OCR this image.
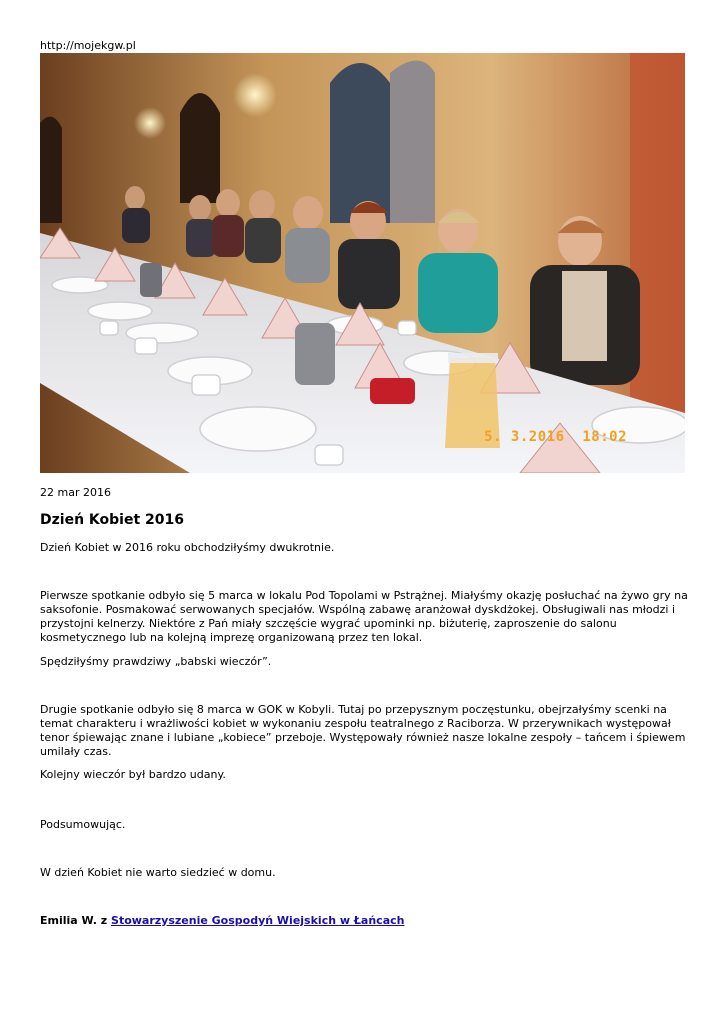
http://mojekgw.pl
5. 3.2016  18:02
22 mar 2016
Dzień Kobiet 2016

Dzień Kobiet w 2016 roku obchodziłyśmy dwukrotnie.

Pierwsze spotkanie odbyło się 5 marca w lokalu Pod Topolami w Pstrążnej. Miałyśmy okazję posłuchać na żywo gry na saksofonie. Posmakować serwowanych specjałów. Wspólną zabawę aranżował dyskdżokej. Obsługiwali nas młodzi i przystojni kelnerzy. Niektóre z Pań miały szczęście wygrać upominki np. biżuterię, zaproszenie do salonu kosmetycznego lub na kolejną imprezę organizowaną przez ten lokal.

Spędziłyśmy prawdziwy „babski wieczór”.

Drugie spotkanie odbyło się 8 marca w GOK w Kobyli. Tutaj po przepysznym poczęstunku, obejrzałyśmy scenki na temat charakteru i wrażliwości kobiet w wykonaniu zespołu teatralnego z Raciborza. W przerywnikach występował tenor śpiewając znane i lubiane „kobiece” przeboje. Występowały również nasze lokalne zespoły – tańcem i śpiewem umilały czas.

Kolejny wieczór był bardzo udany.

Podsumowując.

W dzień Kobiet nie warto siedzieć w domu.

Emilia W. z Stowarzyszenie Gospodyń Wiejskich w Łańcach
